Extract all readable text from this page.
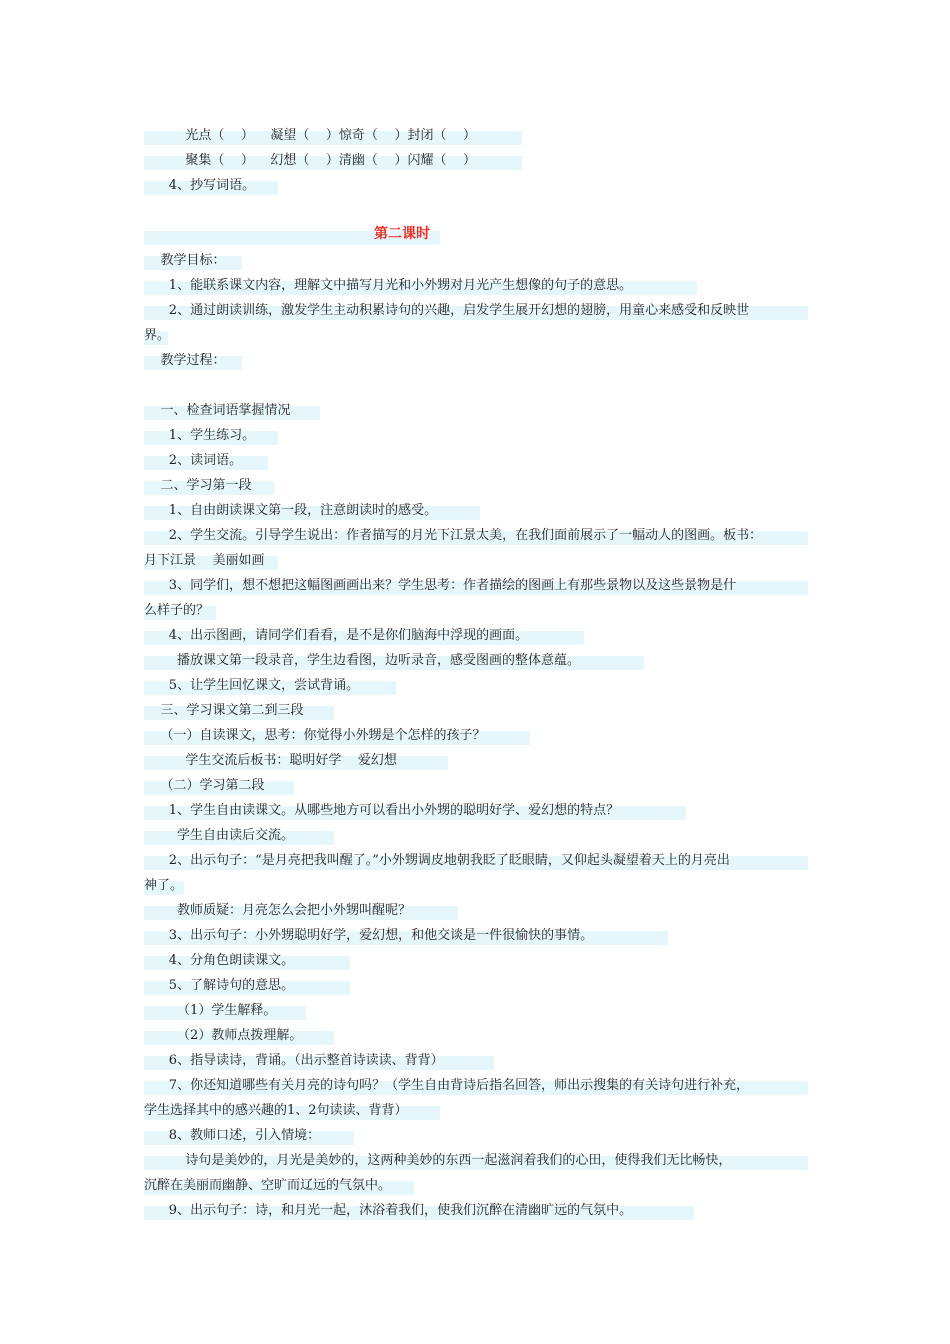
光点（    ）    凝望（    ）惊奇（    ）封闭（    ）
聚集（    ）    幻想（    ）清幽（    ）闪耀（    ）
4、抄写词语。
第二课时
教学目标：
1、能联系课文内容，理解文中描写月光和小外甥对月光产生想像的句子的意思。
2、通过朗读训练，激发学生主动积累诗句的兴趣，启发学生展开幻想的翅膀，用童心来感受和反映世
界。
教学过程：
一、检查词语掌握情况
1、学生练习。
2、读词语。
二、学习第一段
1、自由朗读课文第一段，注意朗读时的感受。
2、学生交流。引导学生说出：作者描写的月光下江景太美，在我们面前展示了一幅动人的图画。板书：
月下江景    美丽如画
3、同学们，想不想把这幅图画画出来？学生思考：作者描绘的图画上有那些景物以及这些景物是什
么样子的？
4、出示图画，请同学们看看，是不是你们脑海中浮现的画面。
播放课文第一段录音，学生边看图，边听录音，感受图画的整体意蕴。
5、让学生回忆课文，尝试背诵。
三、学习课文第二到三段
（一）自读课文，思考：你觉得小外甥是个怎样的孩子？
学生交流后板书：聪明好学    爱幻想
（二）学习第二段
1、学生自由读课文。从哪些地方可以看出小外甥的聪明好学、爱幻想的特点？
学生自由读后交流。
2、出示句子：“是月亮把我叫醒了。”小外甥调皮地朝我眨了眨眼睛，又仰起头凝望着天上的月亮出
神了。
教师质疑：月亮怎么会把小外甥叫醒呢？
3、出示句子：小外甥聪明好学，爱幻想，和他交谈是一件很愉快的事情。
4、分角色朗读课文。
5、了解诗句的意思。
（1）学生解释。
（2）教师点拨理解。
6、指导读诗，背诵。（出示整首诗读读、背背）
7、你还知道哪些有关月亮的诗句吗？（学生自由背诗后指名回答，师出示搜集的有关诗句进行补充，
学生选择其中的感兴趣的1、2句读读、背背）
8、教师口述，引入情境：
诗句是美妙的，月光是美妙的，这两种美妙的东西一起滋润着我们的心田，使得我们无比畅快，
沉醉在美丽而幽静、空旷而辽远的气氛中。
9、出示句子：诗，和月光一起，沐浴着我们，使我们沉醉在清幽旷远的气氛中。
